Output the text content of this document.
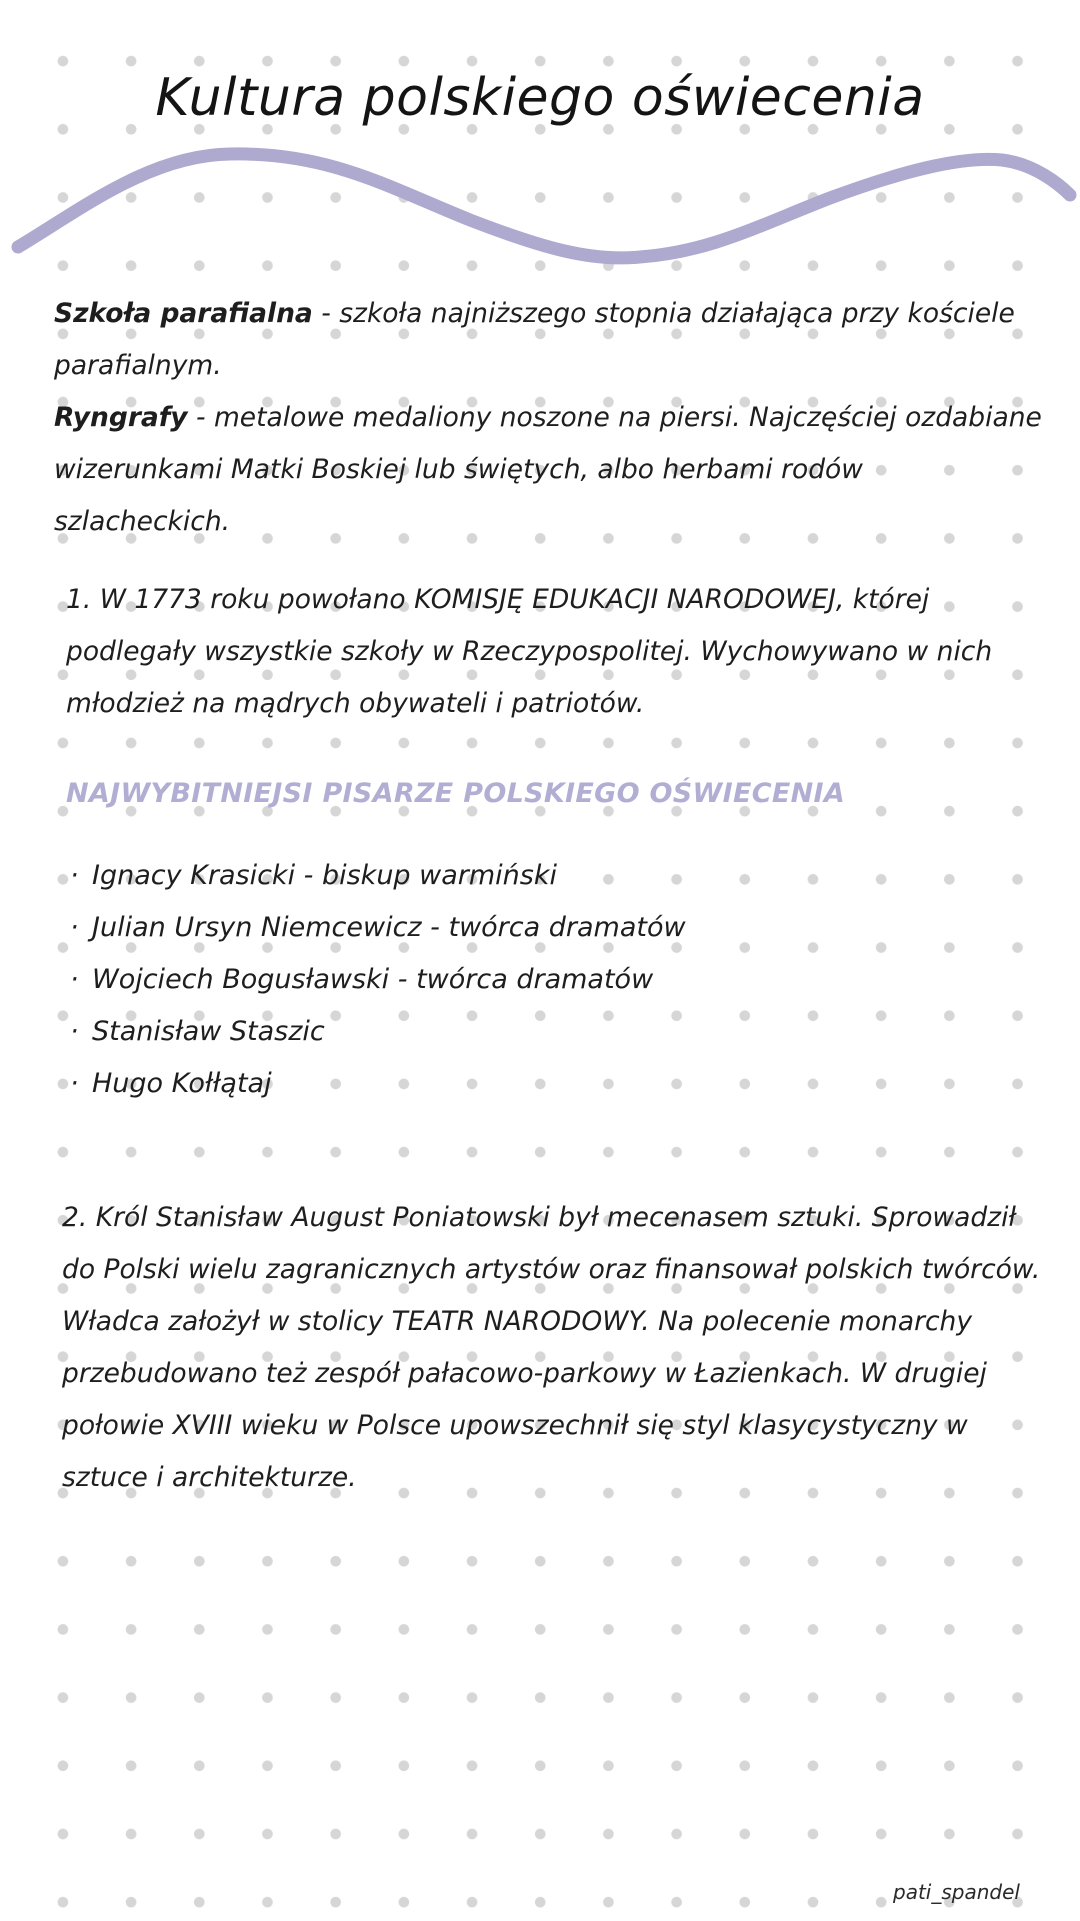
Kultura polskiego oświecenia
Szkoła parafialna - szkoła najniższego stopnia działająca przy kościele parafialnym.
Ryngrafy - metalowe medaliony noszone na piersi. Najczęściej ozdabiane wizerunkami Matki Boskiej lub świętych, albo herbami rodów szlacheckich.
1. W 1773 roku powołano KOMISJĘ EDUKACJI NARODOWEJ, której podlegały wszystkie szkoły w Rzeczypospolitej. Wychowywano w nich młodzież na mądrych obywateli i patriotów.
NAJWYBITNIEJSI PISARZE POLSKIEGO OŚWIECENIA
· Ignacy Krasicki - biskup warmiński
· Julian Ursyn Niemcewicz - twórca dramatów
· Wojciech Bogusławski - twórca dramatów
· Stanisław Staszic
· Hugo Kołłątaj
2. Król Stanisław August Poniatowski był mecenasem sztuki. Sprowadził do Polski wielu zagranicznych artystów oraz finansował polskich twórców. Władca założył w stolicy TEATR NARODOWY. Na polecenie monarchy przebudowano też zespół pałacowo-parkowy w Łazienkach. W drugiej połowie XVIII wieku w Polsce upowszechnił się styl klasycystyczny w sztuce i architekturze.
pati_spandel
